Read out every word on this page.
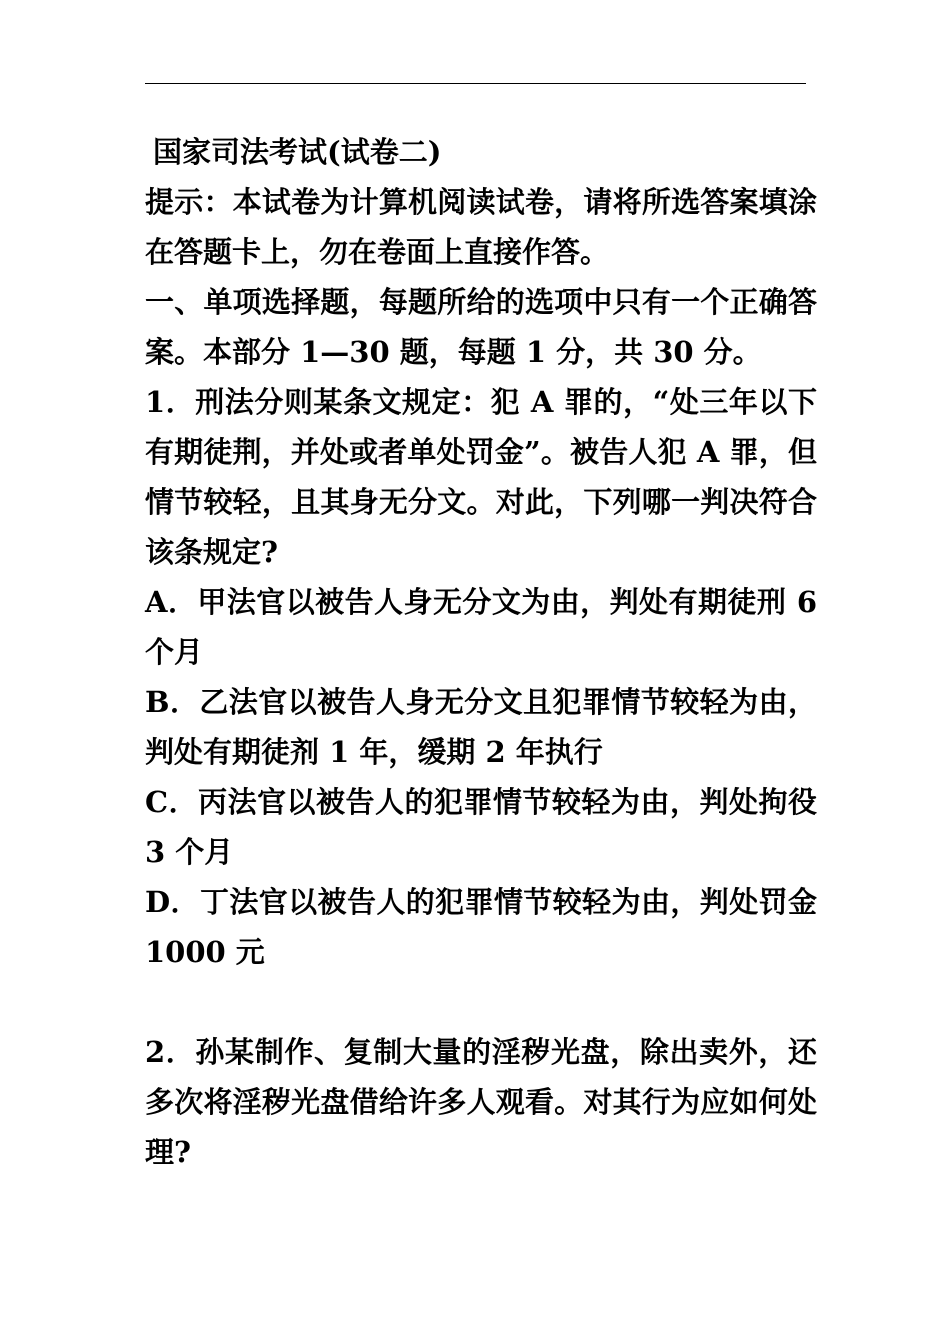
国家司法考试(试卷二)

提示：本试卷为计算机阅读试卷，请将所选答案填涂在答题卡上，勿在卷面上直接作答。

一、单项选择题，每题所给的选项中只有一个正确答案。本部分 1—30 题，每题 1 分，共 30 分。

1．刑法分则某条文规定：犯 A 罪的，“处三年以下有期徒荆，并处或者单处罚金”。被告人犯 A 罪，但情节较轻，且其身无分文。对此，下列哪一判决符合该条规定?

A．甲法官以被告人身无分文为由，判处有期徒刑 6 个月

B．乙法官以被告人身无分文且犯罪情节较轻为由，判处有期徒剂 1 年，缓期 2 年执行

C．丙法官以被告人的犯罪情节较轻为由，判处拘役 3 个月

D．丁法官以被告人的犯罪情节较轻为由，判处罚金 1000 元

2．孙某制作、复制大量的淫秽光盘，除出卖外，还多次将淫秽光盘借给许多人观看。对其行为应如何处理?
